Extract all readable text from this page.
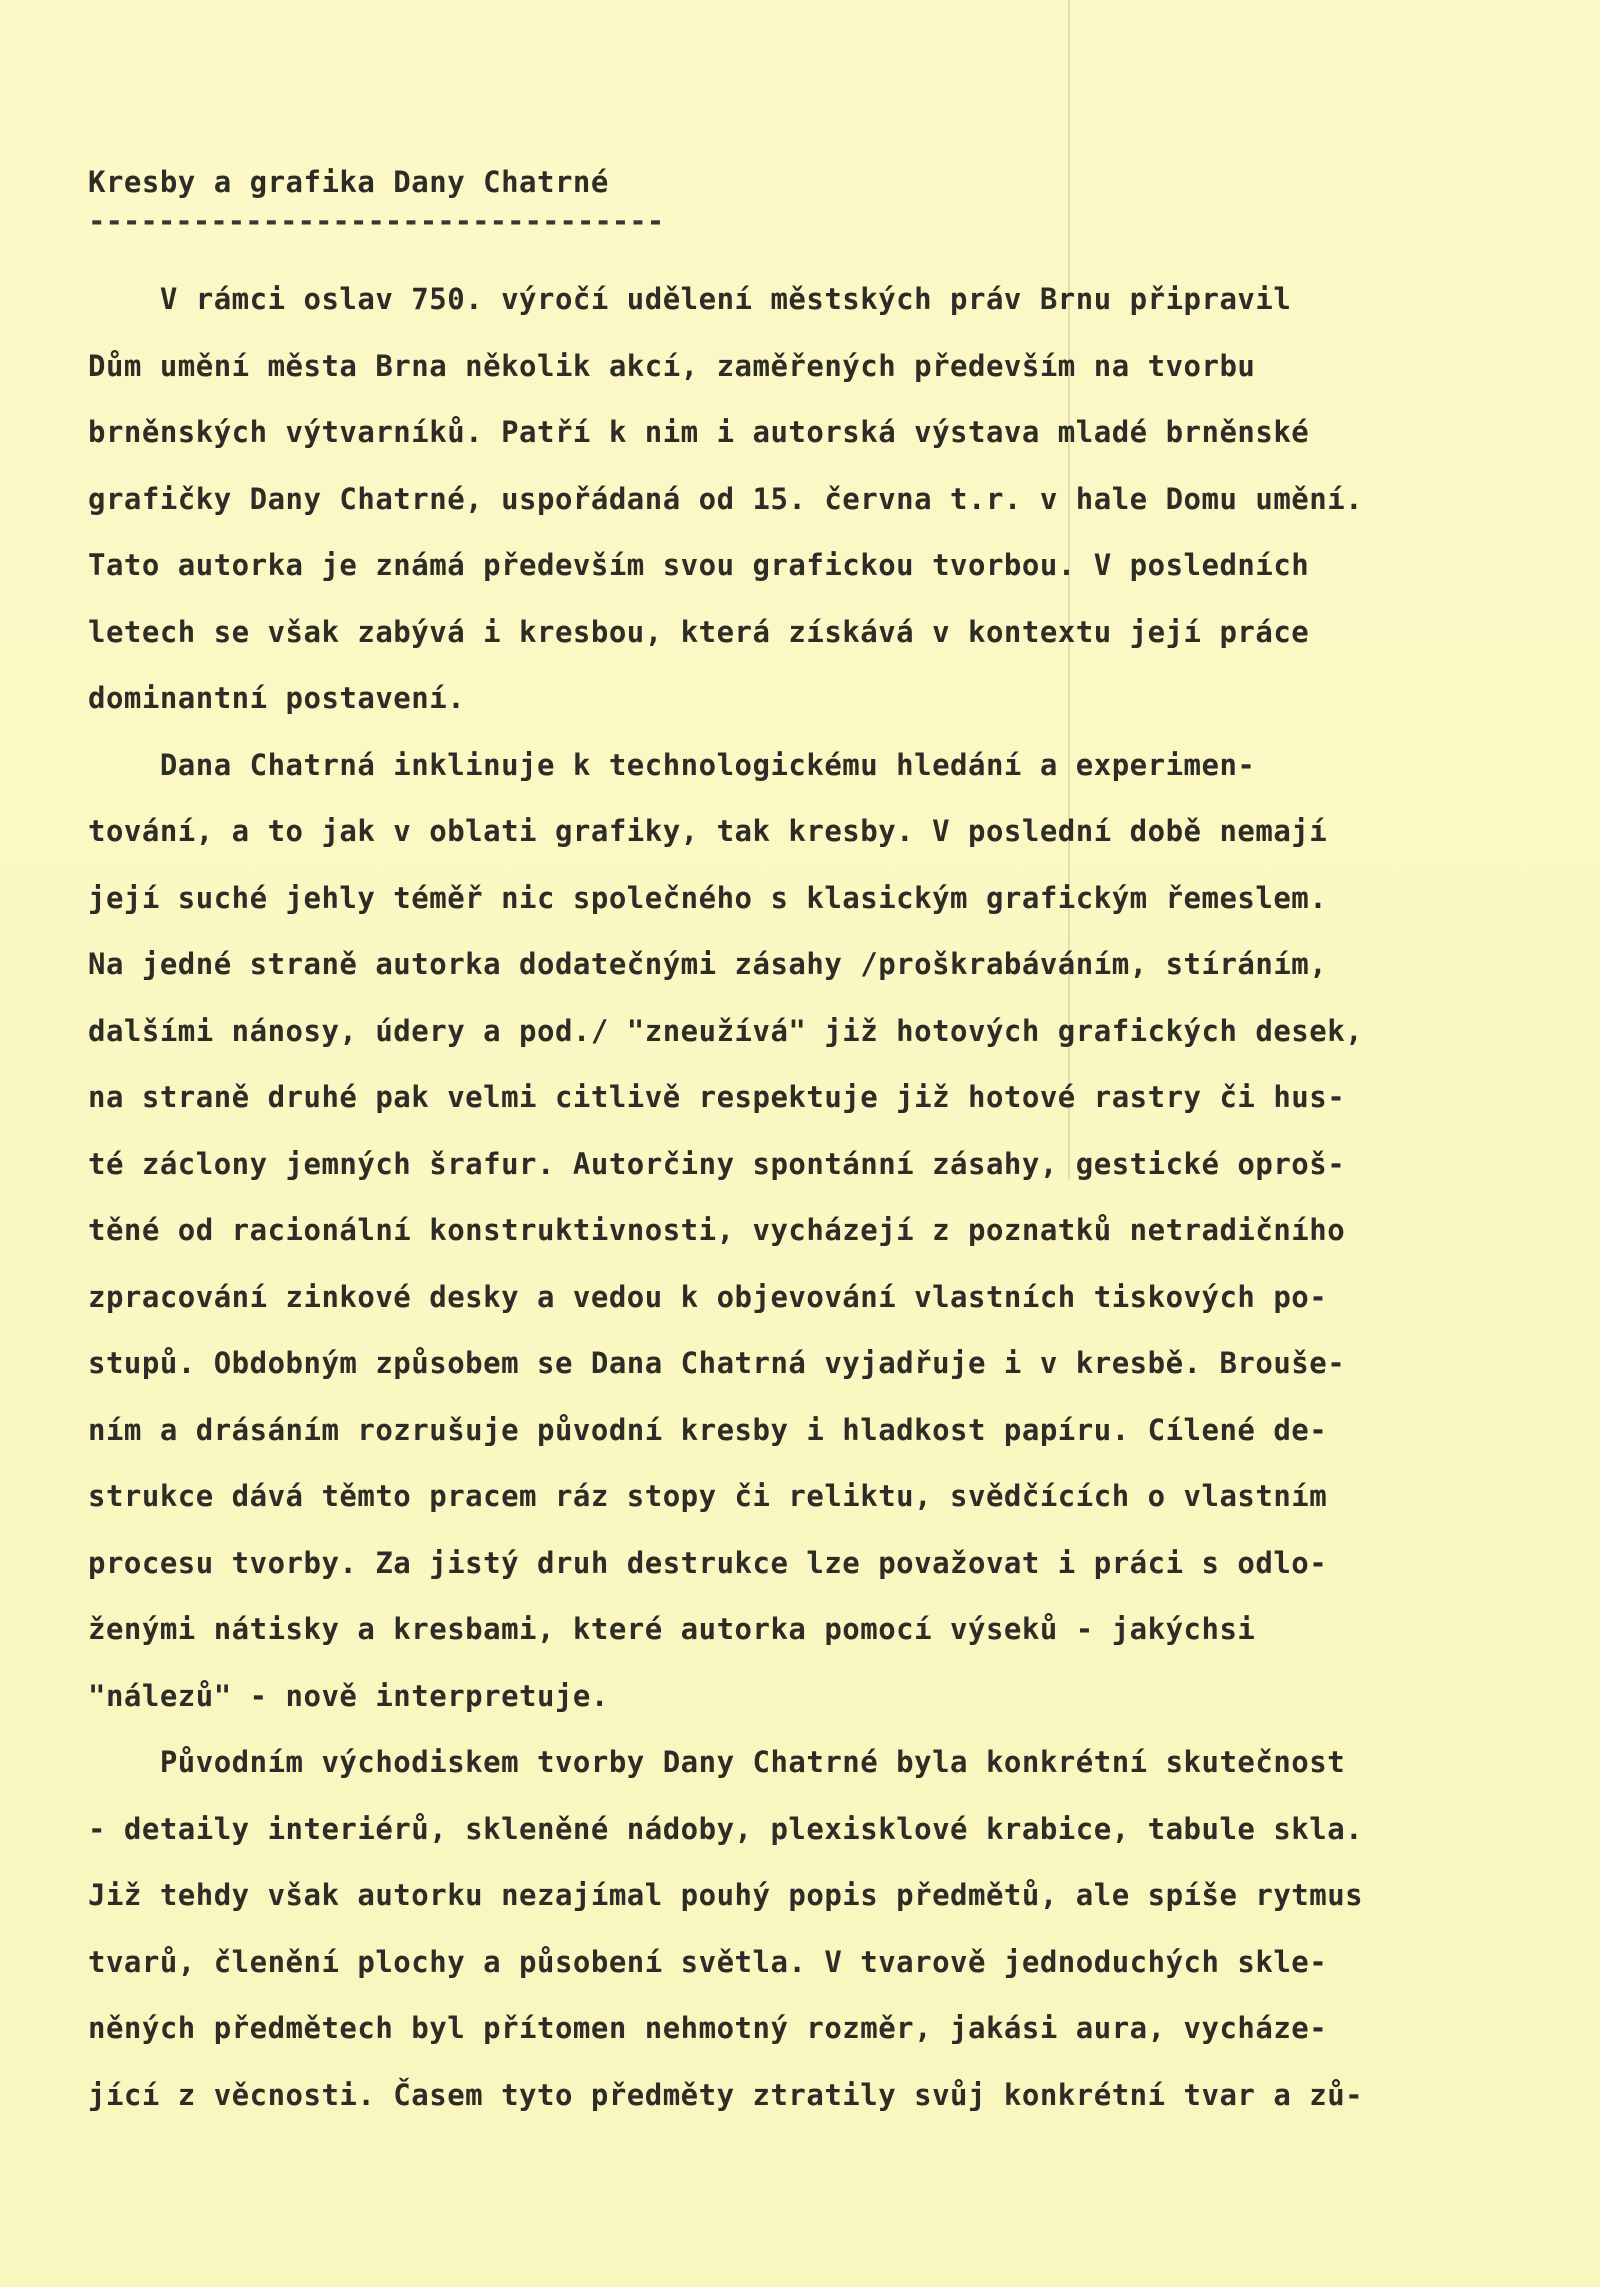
Kresby a grafika Dany Chatrné
---------------------------------
V rámci oslav 750. výročí udělení městských práv Brnu připravil
Dům umění města Brna několik akcí, zaměřených především na tvorbu
brněnských výtvarníků. Patří k nim i autorská výstava mladé brněnské
grafičky Dany Chatrné, uspořádaná od 15. června t.r. v hale Domu umění.
Tato autorka je známá především svou grafickou tvorbou. V posledních
letech se však zabývá i kresbou, která získává v kontextu její práce
dominantní postavení.
Dana Chatrná inklinuje k technologickému hledání a experimen-
tování, a to jak v oblati grafiky, tak kresby. V poslední době nemají
její suché jehly téměř nic společného s klasickým grafickým řemeslem.
Na jedné straně autorka dodatečnými zásahy /proškrabáváním, stíráním,
dalšími nánosy, údery a pod./ "zneužívá" již hotových grafických desek,
na straně druhé pak velmi citlivě respektuje již hotové rastry či hus-
té záclony jemných šrafur. Autorčiny spontánní zásahy, gestické oproš-
těné od racionální konstruktivnosti, vycházejí z poznatků netradičního
zpracování zinkové desky a vedou k objevování vlastních tiskových po-
stupů. Obdobným způsobem se Dana Chatrná vyjadřuje i v kresbě. Brouše-
ním a drásáním rozrušuje původní kresby i hladkost papíru. Cílené de-
strukce dává těmto pracem ráz stopy či reliktu, svědčících o vlastním
procesu tvorby. Za jistý druh destrukce lze považovat i práci s odlo-
ženými nátisky a kresbami, které autorka pomocí výseků - jakýchsi
"nálezů" - nově interpretuje.
Původním východiskem tvorby Dany Chatrné byla konkrétní skutečnost
- detaily interiérů, skleněné nádoby, plexisklové krabice, tabule skla.
Již tehdy však autorku nezajímal pouhý popis předmětů, ale spíše rytmus
tvarů, členění plochy a působení světla. V tvarově jednoduchých skle-
něných předmětech byl přítomen nehmotný rozměr, jakási aura, vycháze-
jící z věcnosti. Časem tyto předměty ztratily svůj konkrétní tvar a zů-
